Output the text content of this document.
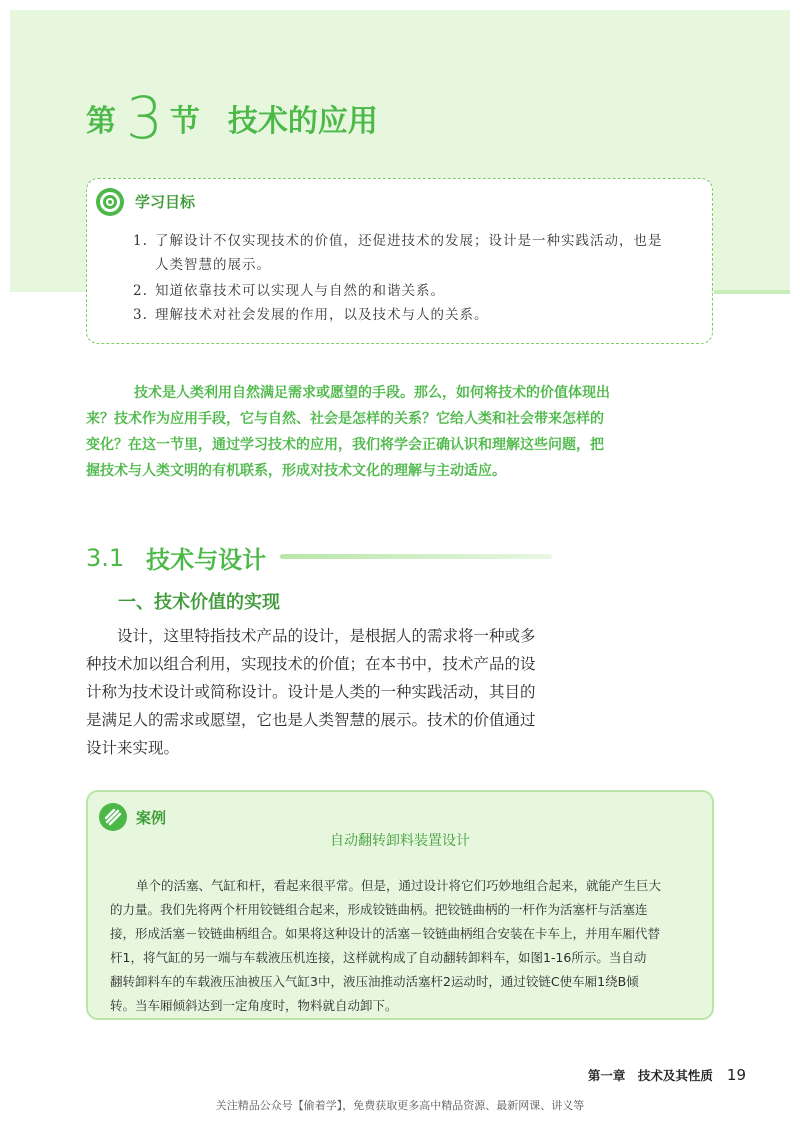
第 3 节 技术的应用
学习目标
1. 了解设计不仅实现技术的价值，还促进技术的发展；设计是一种实践活动，也是
人类智慧的展示。
2. 知道依靠技术可以实现人与自然的和谐关系。
3. 理解技术对社会发展的作用，以及技术与人的关系。
技术是人类利用自然满足需求或愿望的手段。那么，如何将技术的价值体现出
来？技术作为应用手段，它与自然、社会是怎样的关系？它给人类和社会带来怎样的
变化？在这一节里，通过学习技术的应用，我们将学会正确认识和理解这些问题，把
握技术与人类文明的有机联系，形成对技术文化的理解与主动适应。
3.1 技术与设计
一、技术价值的实现
设计，这里特指技术产品的设计，是根据人的需求将一种或多
种技术加以组合利用，实现技术的价值；在本书中，技术产品的设
计称为技术设计或简称设计。设计是人类的一种实践活动，其目的
是满足人的需求或愿望，它也是人类智慧的展示。技术的价值通过
设计来实现。
案例
自动翻转卸料装置设计
单个的活塞、气缸和杆，看起来很平常。但是，通过设计将它们巧妙地组合起来，就能产生巨大
的力量。我们先将两个杆用铰链组合起来，形成铰链曲柄。把铰链曲柄的一杆作为活塞杆与活塞连
接，形成活塞－铰链曲柄组合。如果将这种设计的活塞－铰链曲柄组合安装在卡车上，并用车厢代替
杆1，将气缸的另一端与车载液压机连接，这样就构成了自动翻转卸料车，如图1-16所示。当自动
翻转卸料车的车载液压油被压入气缸3中，液压油推动活塞杆2运动时，通过铰链C使车厢1绕B倾
转。当车厢倾斜达到一定角度时，物料就自动卸下。
第一章　技术及其性质 19
关注精品公众号【偷着学】，免费获取更多高中精品资源、最新网课、讲义等
